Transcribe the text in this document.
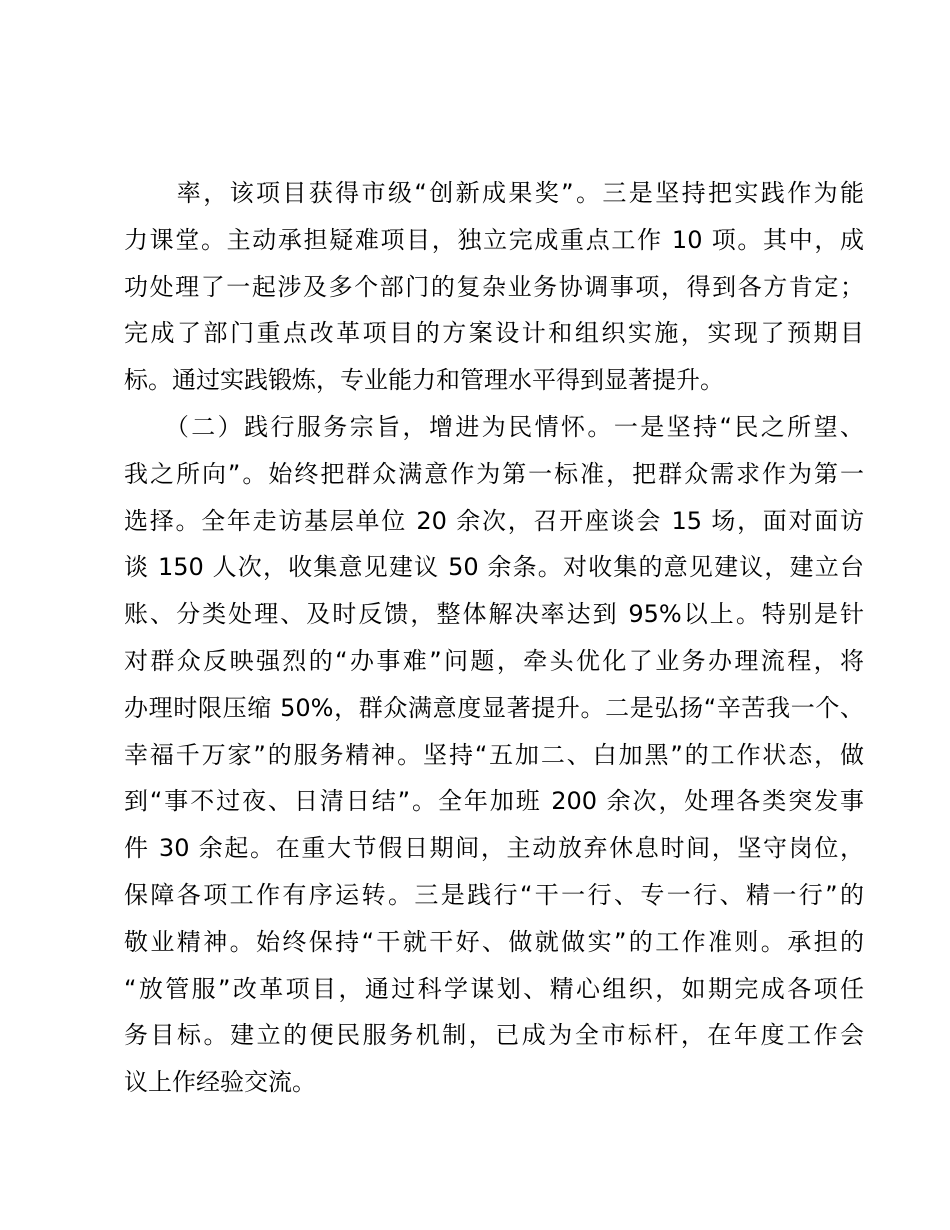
　　率，该项目获得市级“创新成果奖”。三是坚持把实践作为能
力课堂。主动承担疑难项目，独立完成重点工作 10 项。其中，成
功处理了一起涉及多个部门的复杂业务协调事项，得到各方肯定；
完成了部门重点改革项目的方案设计和组织实施，实现了预期目
标。通过实践锻炼，专业能力和管理水平得到显著提升。
　　（二）践行服务宗旨，增进为民情怀。一是坚持“民之所望、
我之所向”。始终把群众满意作为第一标准，把群众需求作为第一
选择。全年走访基层单位 20 余次，召开座谈会 15 场，面对面访
谈 150 人次，收集意见建议 50 余条。对收集的意见建议，建立台
账、分类处理、及时反馈，整体解决率达到 95%以上。特别是针
对群众反映强烈的“办事难”问题，牵头优化了业务办理流程，将
办理时限压缩 50%，群众满意度显著提升。二是弘扬“辛苦我一个、
幸福千万家”的服务精神。坚持“五加二、白加黑”的工作状态，做
到“事不过夜、日清日结”。全年加班 200 余次，处理各类突发事
件 30 余起。在重大节假日期间，主动放弃休息时间，坚守岗位，
保障各项工作有序运转。三是践行“干一行、专一行、精一行”的
敬业精神。始终保持“干就干好、做就做实”的工作准则。承担的
“放管服”改革项目，通过科学谋划、精心组织，如期完成各项任
务目标。建立的便民服务机制，已成为全市标杆，在年度工作会
议上作经验交流。
